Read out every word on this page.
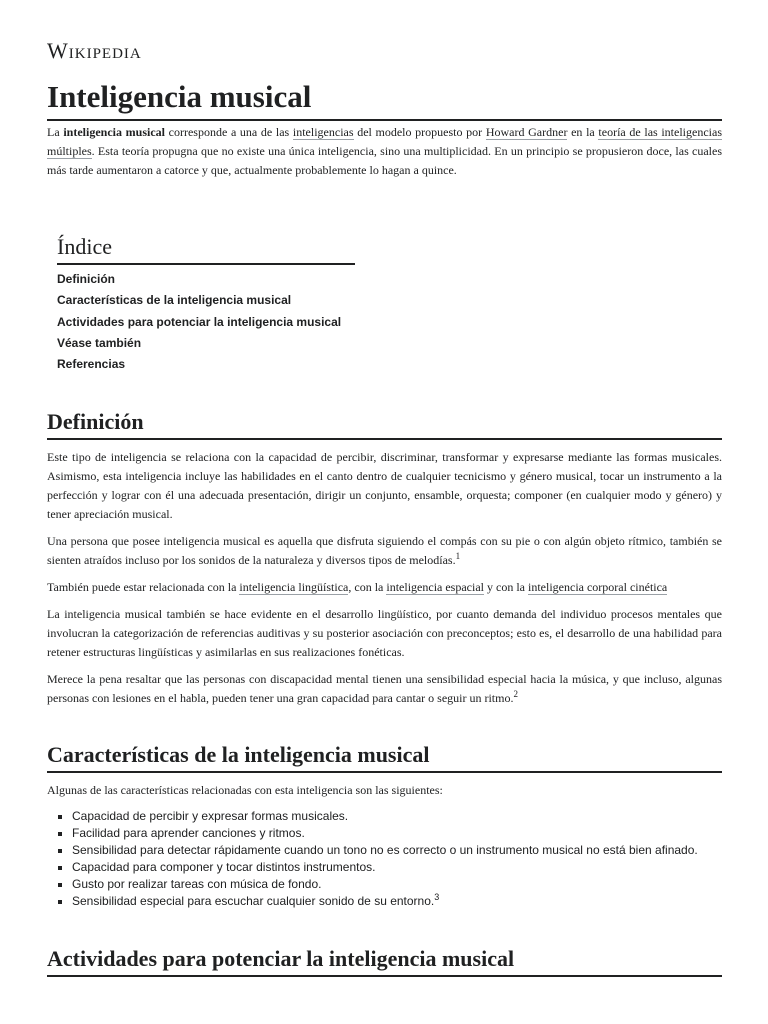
Wikipedia
Inteligencia musical

La inteligencia musical corresponde a una de las inteligencias del modelo propuesto por Howard Gardner en la teoría de las inteligencias múltiples. Esta teoría propugna que no existe una única inteligencia, sino una multiplicidad. En un principio se propusieron doce, las cuales más tarde aumentaron a catorce y que, actualmente probablemente lo hagan a quince.

Índice
Definición
Características de la inteligencia musical
Actividades para potenciar la inteligencia musical
Véase también
Referencias
Definición

Este tipo de inteligencia se relaciona con la capacidad de percibir, discriminar, transformar y expresarse mediante las formas musicales. Asimismo, esta inteligencia incluye las habilidades en el canto dentro de cualquier tecnicismo y género musical, tocar un instrumento a la perfección y lograr con él una adecuada presentación, dirigir un conjunto, ensamble, orquesta; componer (en cualquier modo y género) y tener apreciación musical.

Una persona que posee inteligencia musical es aquella que disfruta siguiendo el compás con su pie o con algún objeto rítmico, también se sienten atraídos incluso por los sonidos de la naturaleza y diversos tipos de melodías.$^1$

También puede estar relacionada con la inteligencia lingüística, con la inteligencia espacial y con la inteligencia corporal cinética

La inteligencia musical también se hace evidente en el desarrollo lingüístico, por cuanto demanda del individuo procesos mentales que involucran la categorización de referencias auditivas y su posterior asociación con preconceptos; esto es, el desarrollo de una habilidad para retener estructuras lingüísticas y asimilarlas en sus realizaciones fonéticas.

Merece la pena resaltar que las personas con discapacidad mental tienen una sensibilidad especial hacia la música, y que incluso, algunas personas con lesiones en el habla, pueden tener una gran capacidad para cantar o seguir un ritmo.$^2$

Características de la inteligencia musical

Algunas de las características relacionadas con esta inteligencia son las siguientes:

▪ Capacidad de percibir y expresar formas musicales.
▪ Facilidad para aprender canciones y ritmos.
▪ Sensibilidad para detectar rápidamente cuando un tono no es correcto o un instrumento musical no está bien afinado.
▪ Capacidad para componer y tocar distintos instrumentos.
▪ Gusto por realizar tareas con música de fondo.
▪ Sensibilidad especial para escuchar cualquier sonido de su entorno.$^3$
Actividades para potenciar la inteligencia musical
